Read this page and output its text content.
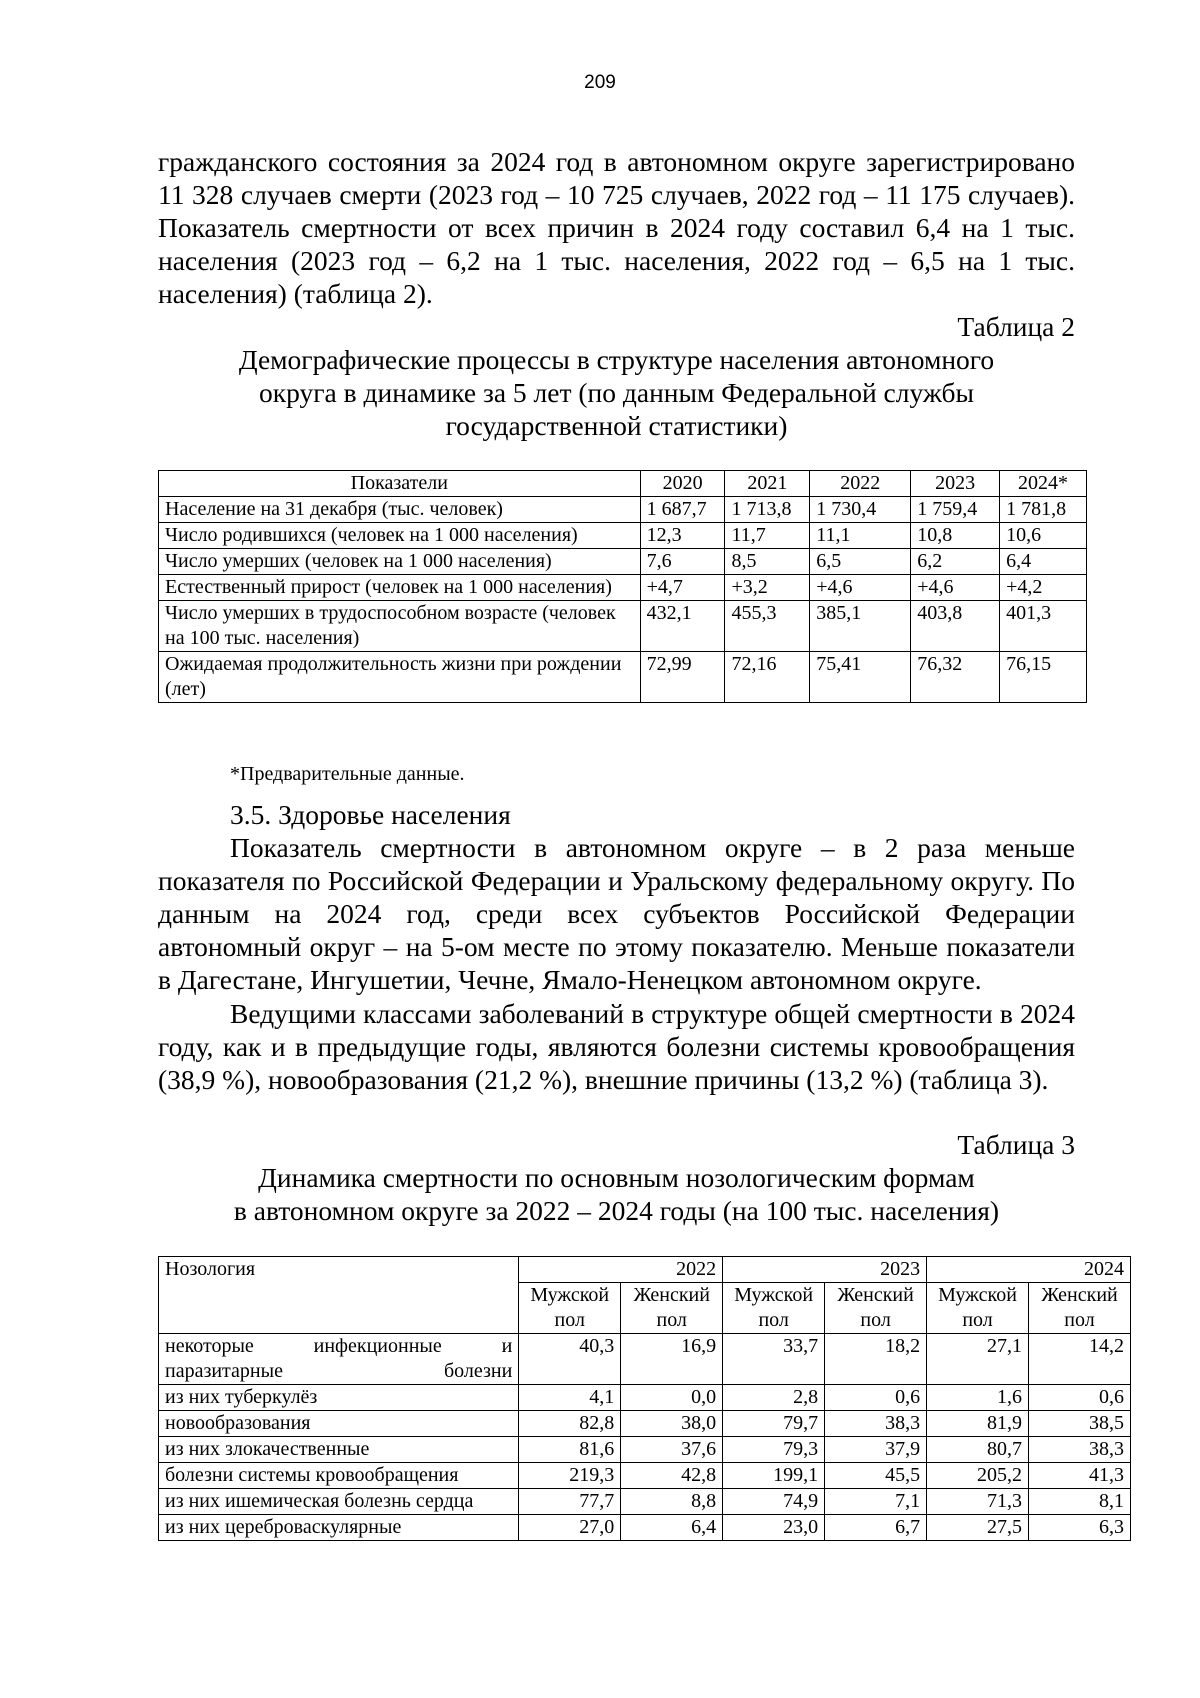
209

гражданского состояния за 2024 год в автономном округе зарегистрировано 11 328 случаев смерти (2023 год – 10 725 случаев, 2022 год – 11 175 случаев). Показатель смертности от всех причин в 2024 году составил 6,4 на 1 тыс. населения (2023 год – 6,2 на 1 тыс. населения, 2022 год – 6,5 на 1 тыс. населения) (таблица 2).

Таблица 2

Демографические процессы в структуре населения автономного
округа в динамике за 5 лет (по данным Федеральной службы
государственной статистики)
Показатели	2020	2021	2022	2023	2024*
Население на 31 декабря (тыс. человек)	1 687,7	1 713,8	1 730,4	1 759,4	1 781,8
Число родившихся (человек на 1 000 населения)	12,3	11,7	11,1	10,8	10,6
Число умерших (человек на 1 000 населения)	7,6	8,5	6,5	6,2	6,4
Естественный прирост (человек на 1 000 населения)	+4,7	+3,2	+4,6	+4,6	+4,2
Число умерших в трудоспособном возрасте (человек на 100 тыс. населения)	432,1	455,3	385,1	403,8	401,3
Ожидаемая продолжительность жизни при рождении (лет)	72,99	72,16	75,41	76,32	76,15

*Предварительные данные.

3.5. Здоровье населения

Показатель смертности в автономном округе – в 2 раза меньше показателя по Российской Федерации и Уральскому федеральному округу. По данным на 2024 год, среди всех субъектов Российской Федерации автономный округ – на 5-ом месте по этому показателю. Меньше показатели в Дагестане, Ингушетии, Чечне, Ямало-Ненецком автономном округе.

Ведущими классами заболеваний в структуре общей смертности в 2024 году, как и в предыдущие годы, являются болезни системы кровообращения (38,9 %), новообразования (21,2 %), внешние причины (13,2 %) (таблица 3).

Таблица 3

Динамика смертности по основным нозологическим формам
в автономном округе за 2022 – 2024 годы (на 100 тыс. населения)
Нозология	2022		2023		2024	
	Мужской пол	Женский пол	Мужской пол	Женский пол	Мужской пол	Женский пол
некоторые инфекционные и паразитарные болезни	40,3	16,9	33,7	18,2	27,1	14,2
из них туберкулёз	4,1	0,0	2,8	0,6	1,6	0,6
новообразования	82,8	38,0	79,7	38,3	81,9	38,5
из них злокачественные	81,6	37,6	79,3	37,9	80,7	38,3
болезни системы кровообращения	219,3	42,8	199,1	45,5	205,2	41,3
из них ишемическая болезнь сердца	77,7	8,8	74,9	7,1	71,3	8,1
из них цереброваскулярные	27,0	6,4	23,0	6,7	27,5	6,3
